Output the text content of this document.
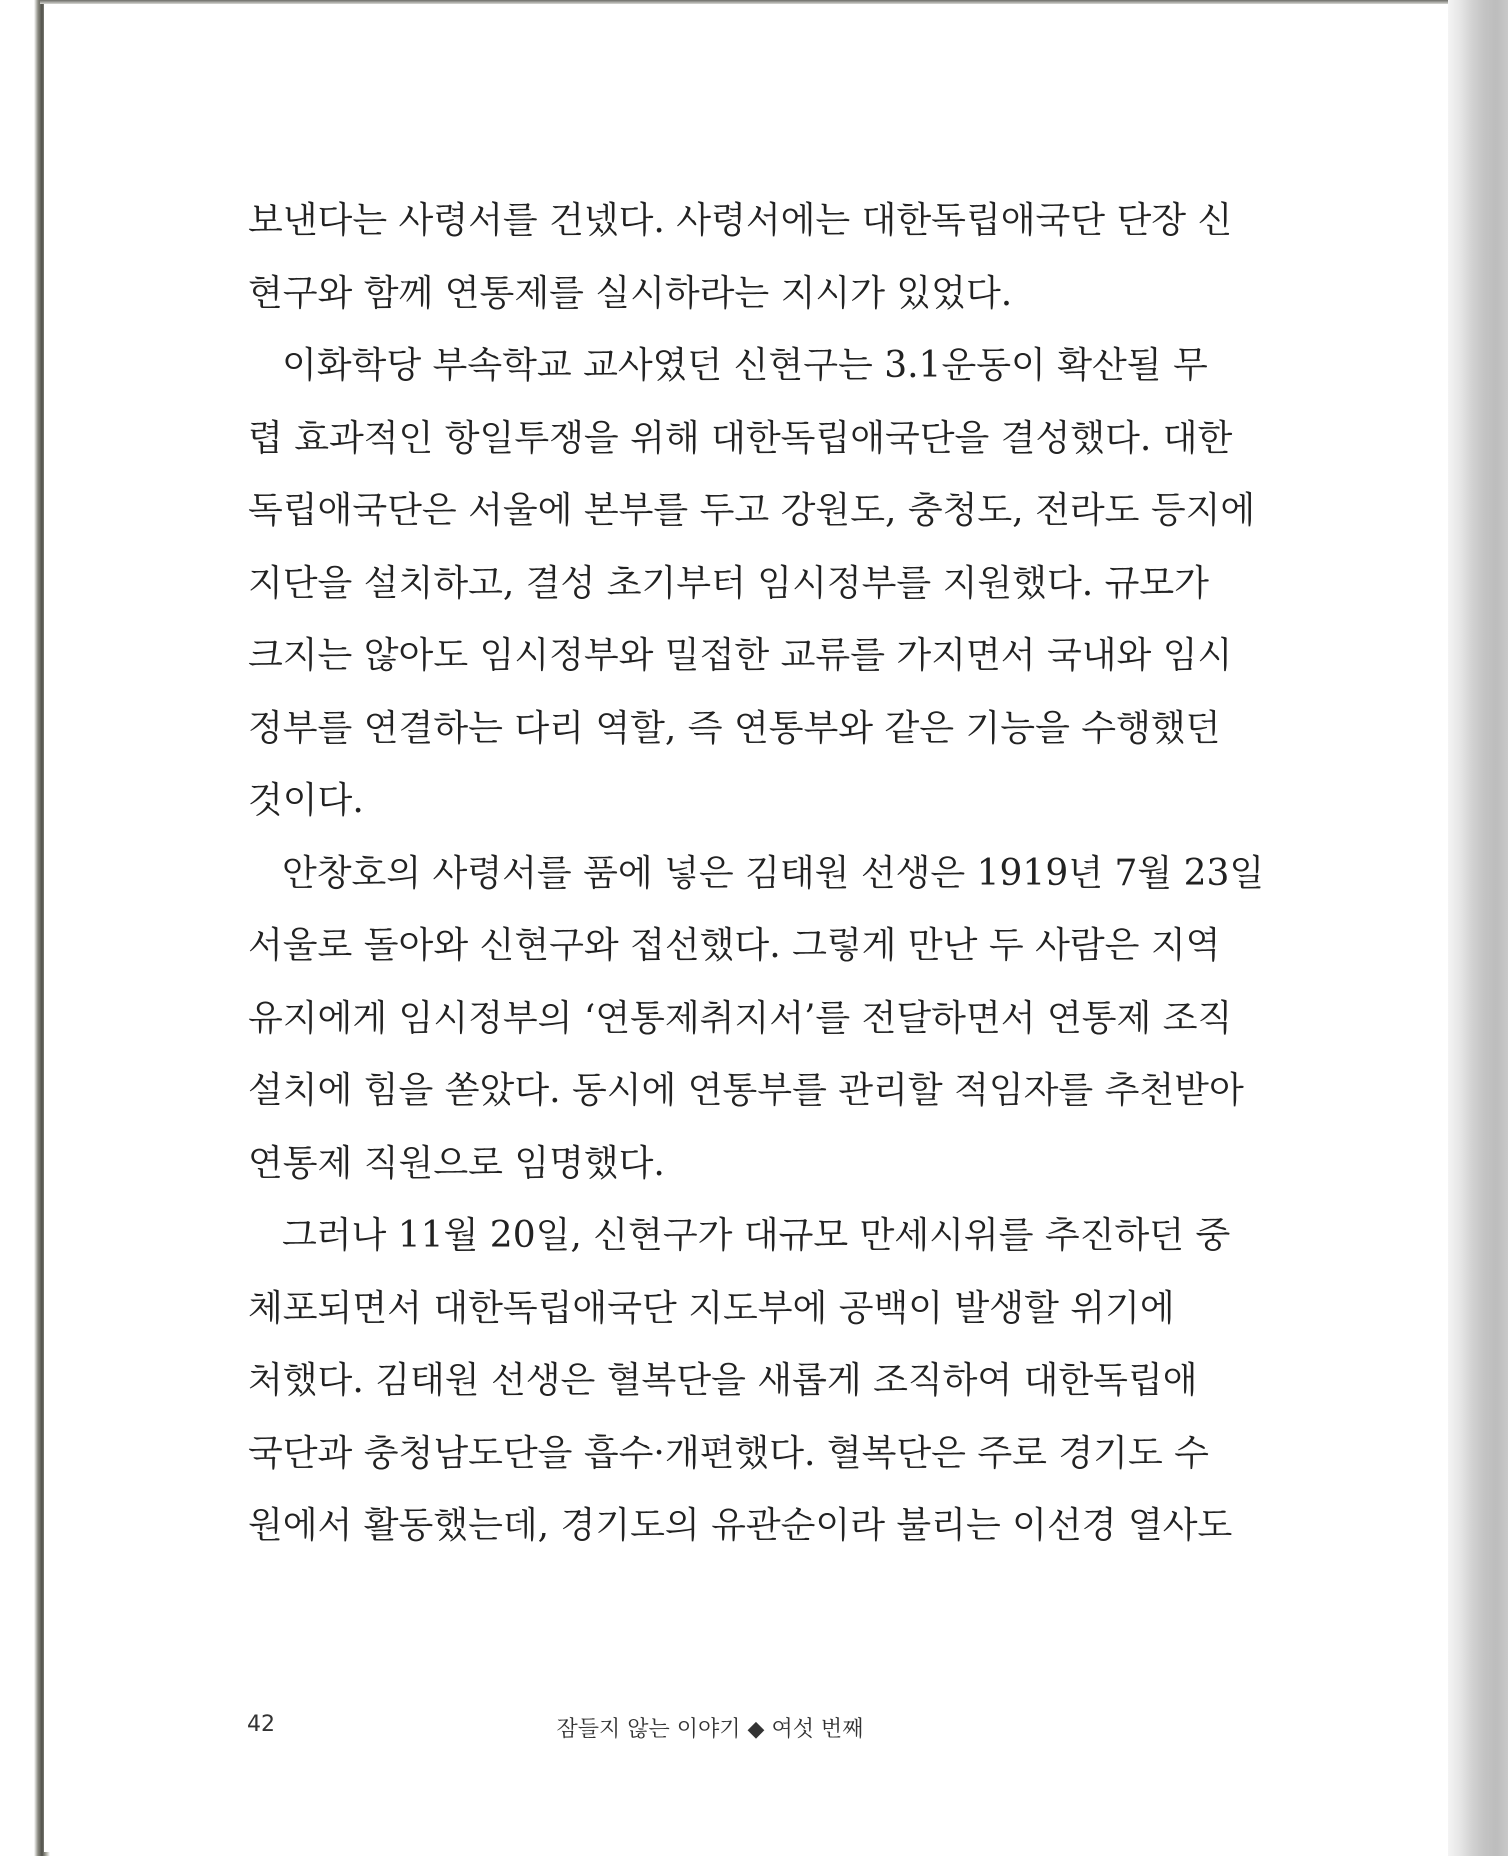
보낸다는 사령서를 건넸다. 사령서에는 대한독립애국단 단장 신
현구와 함께 연통제를 실시하라는 지시가 있었다.
이화학당 부속학교 교사였던 신현구는 3.1운동이 확산될 무
렵 효과적인 항일투쟁을 위해 대한독립애국단을 결성했다. 대한
독립애국단은 서울에 본부를 두고 강원도, 충청도, 전라도 등지에
지단을 설치하고, 결성 초기부터 임시정부를 지원했다. 규모가
크지는 않아도 임시정부와 밀접한 교류를 가지면서 국내와 임시
정부를 연결하는 다리 역할, 즉 연통부와 같은 기능을 수행했던
것이다.
안창호의 사령서를 품에 넣은 김태원 선생은 1919년 7월 23일
서울로 돌아와 신현구와 접선했다. 그렇게 만난 두 사람은 지역
유지에게 임시정부의 ‘연통제취지서’를 전달하면서 연통제 조직
설치에 힘을 쏟았다. 동시에 연통부를 관리할 적임자를 추천받아
연통제 직원으로 임명했다.
그러나 11월 20일, 신현구가 대규모 만세시위를 추진하던 중
체포되면서 대한독립애국단 지도부에 공백이 발생할 위기에
처했다. 김태원 선생은 혈복단을 새롭게 조직하여 대한독립애
국단과 충청남도단을 흡수·개편했다. 혈복단은 주로 경기도 수
원에서 활동했는데, 경기도의 유관순이라 불리는 이선경 열사도
42	잠들지 않는 이야기 ◆ 여섯 번째
